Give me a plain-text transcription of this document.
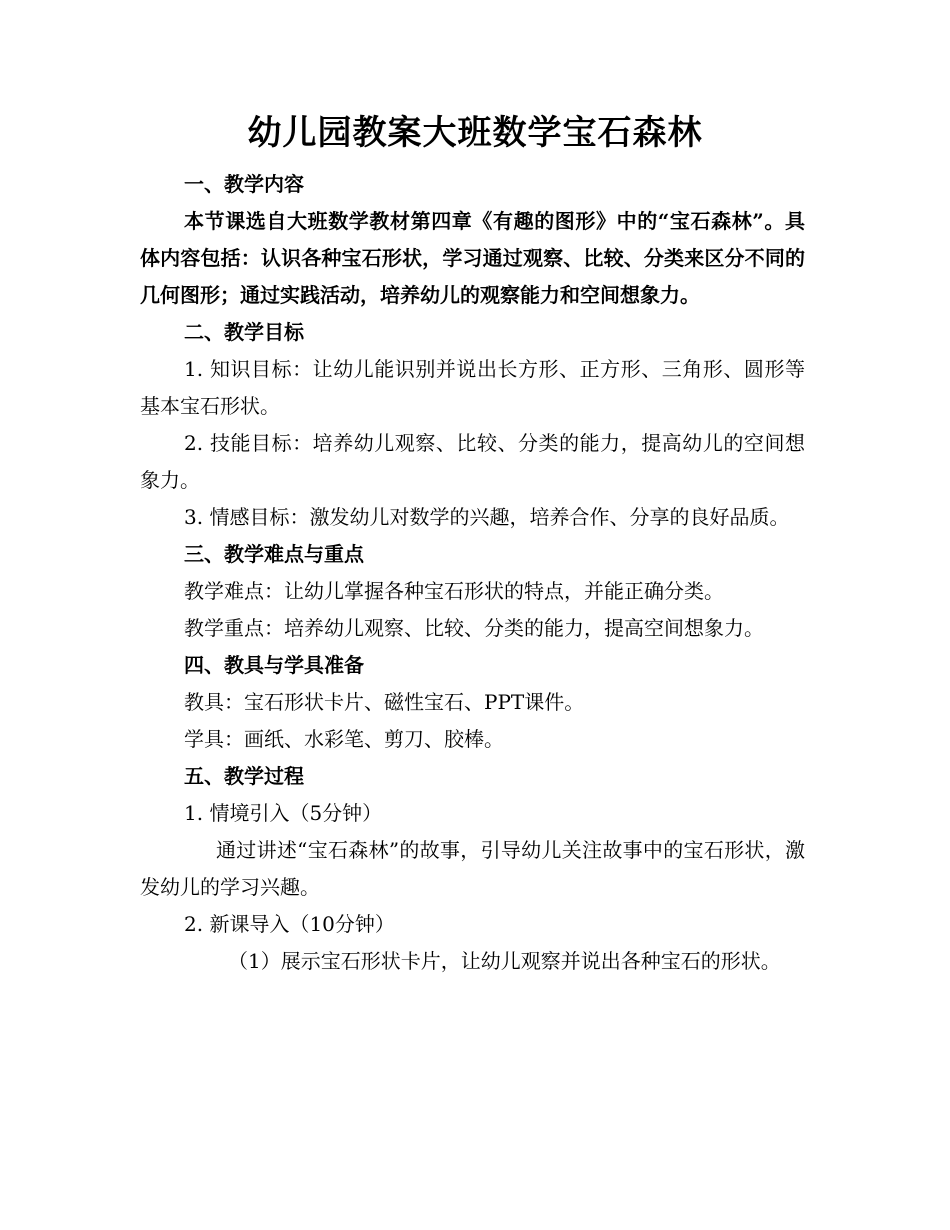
幼儿园教案大班数学宝石森林

一、教学内容

本节课选自大班数学教材第四章《有趣的图形》中的“宝石森林”。具体内容包括：认识各种宝石形状，学习通过观察、比较、分类来区分不同的几何图形；通过实践活动，培养幼儿的观察能力和空间想象力。

二、教学目标

1. 知识目标：让幼儿能识别并说出长方形、正方形、三角形、圆形等基本宝石形状。

2. 技能目标：培养幼儿观察、比较、分类的能力，提高幼儿的空间想象力。

3. 情感目标：激发幼儿对数学的兴趣，培养合作、分享的良好品质。

三、教学难点与重点

教学难点：让幼儿掌握各种宝石形状的特点，并能正确分类。

教学重点：培养幼儿观察、比较、分类的能力，提高空间想象力。

四、教具与学具准备

教具：宝石形状卡片、磁性宝石、PPT课件。

学具：画纸、水彩笔、剪刀、胶棒。

五、教学过程

1. 情境引入（5分钟）

通过讲述“宝石森林”的故事，引导幼儿关注故事中的宝石形状，激发幼儿的学习兴趣。

2. 新课导入（10分钟）

（1）展示宝石形状卡片，让幼儿观察并说出各种宝石的形状。
